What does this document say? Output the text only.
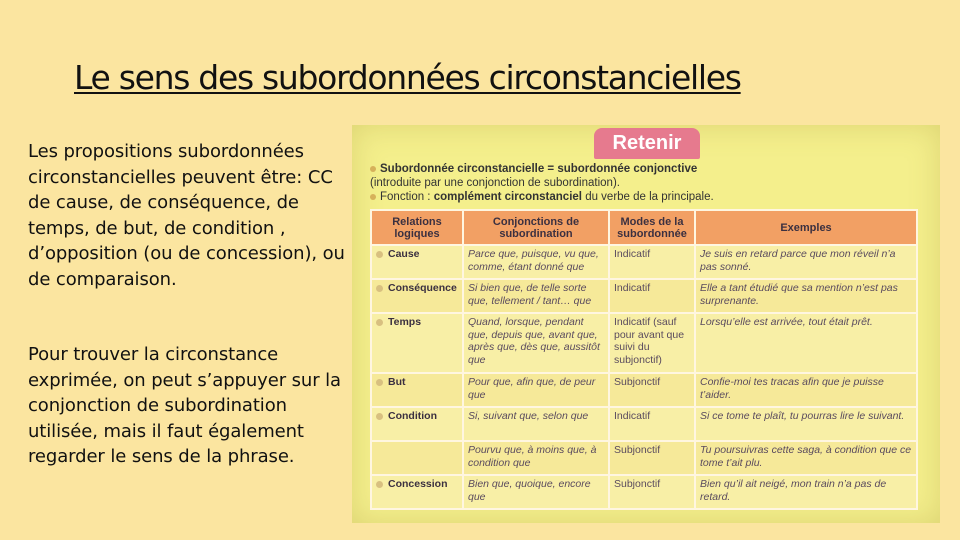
Le sens des subordonnées circonstancielles
Les propositions subordonnées circonstancielles peuvent être: CC de cause, de conséquence, de temps, de but, de condition , d’opposition (ou de concession), ou de comparaison.
Pour trouver la circonstance exprimée, on peut s’appuyer sur la conjonction de subordination utilisée, mais il faut également regarder le sens de la phrase.
Retenir
Subordonnée circonstancielle = subordonnée conjonctive
(introduite par une conjonction de subordination).
Fonction : complément circonstanciel du verbe de la principale.
Relations logiques	Conjonctions de subordination	Modes de la subordonnée	Exemples
Cause	Parce que, puisque, vu que, comme, étant donné que	Indicatif	Je suis en retard parce que mon réveil n’a pas sonné.
Conséquence	Si bien que, de telle sorte que, tellement / tant… que	Indicatif	Elle a tant étudié que sa mention n’est pas surprenante.
Temps	Quand, lorsque, pendant que, depuis que, avant que, après que, dès que, aussitôt que	Indicatif (sauf pour avant que suivi du subjonctif)	Lorsqu’elle est arrivée, tout était prêt.
But	Pour que, afin que, de peur que	Subjonctif	Confie-moi tes tracas afin que je puisse t’aider.
Condition	Si, suivant que, selon que	Indicatif	Si ce tome te plaît, tu pourras lire le suivant.
	Pourvu que, à moins que, à condition que	Subjonctif	Tu poursuivras cette saga, à condition que ce tome t’ait plu.
Concession	Bien que, quoique, encore que	Subjonctif	Bien qu’il ait neigé, mon train n’a pas de retard.
